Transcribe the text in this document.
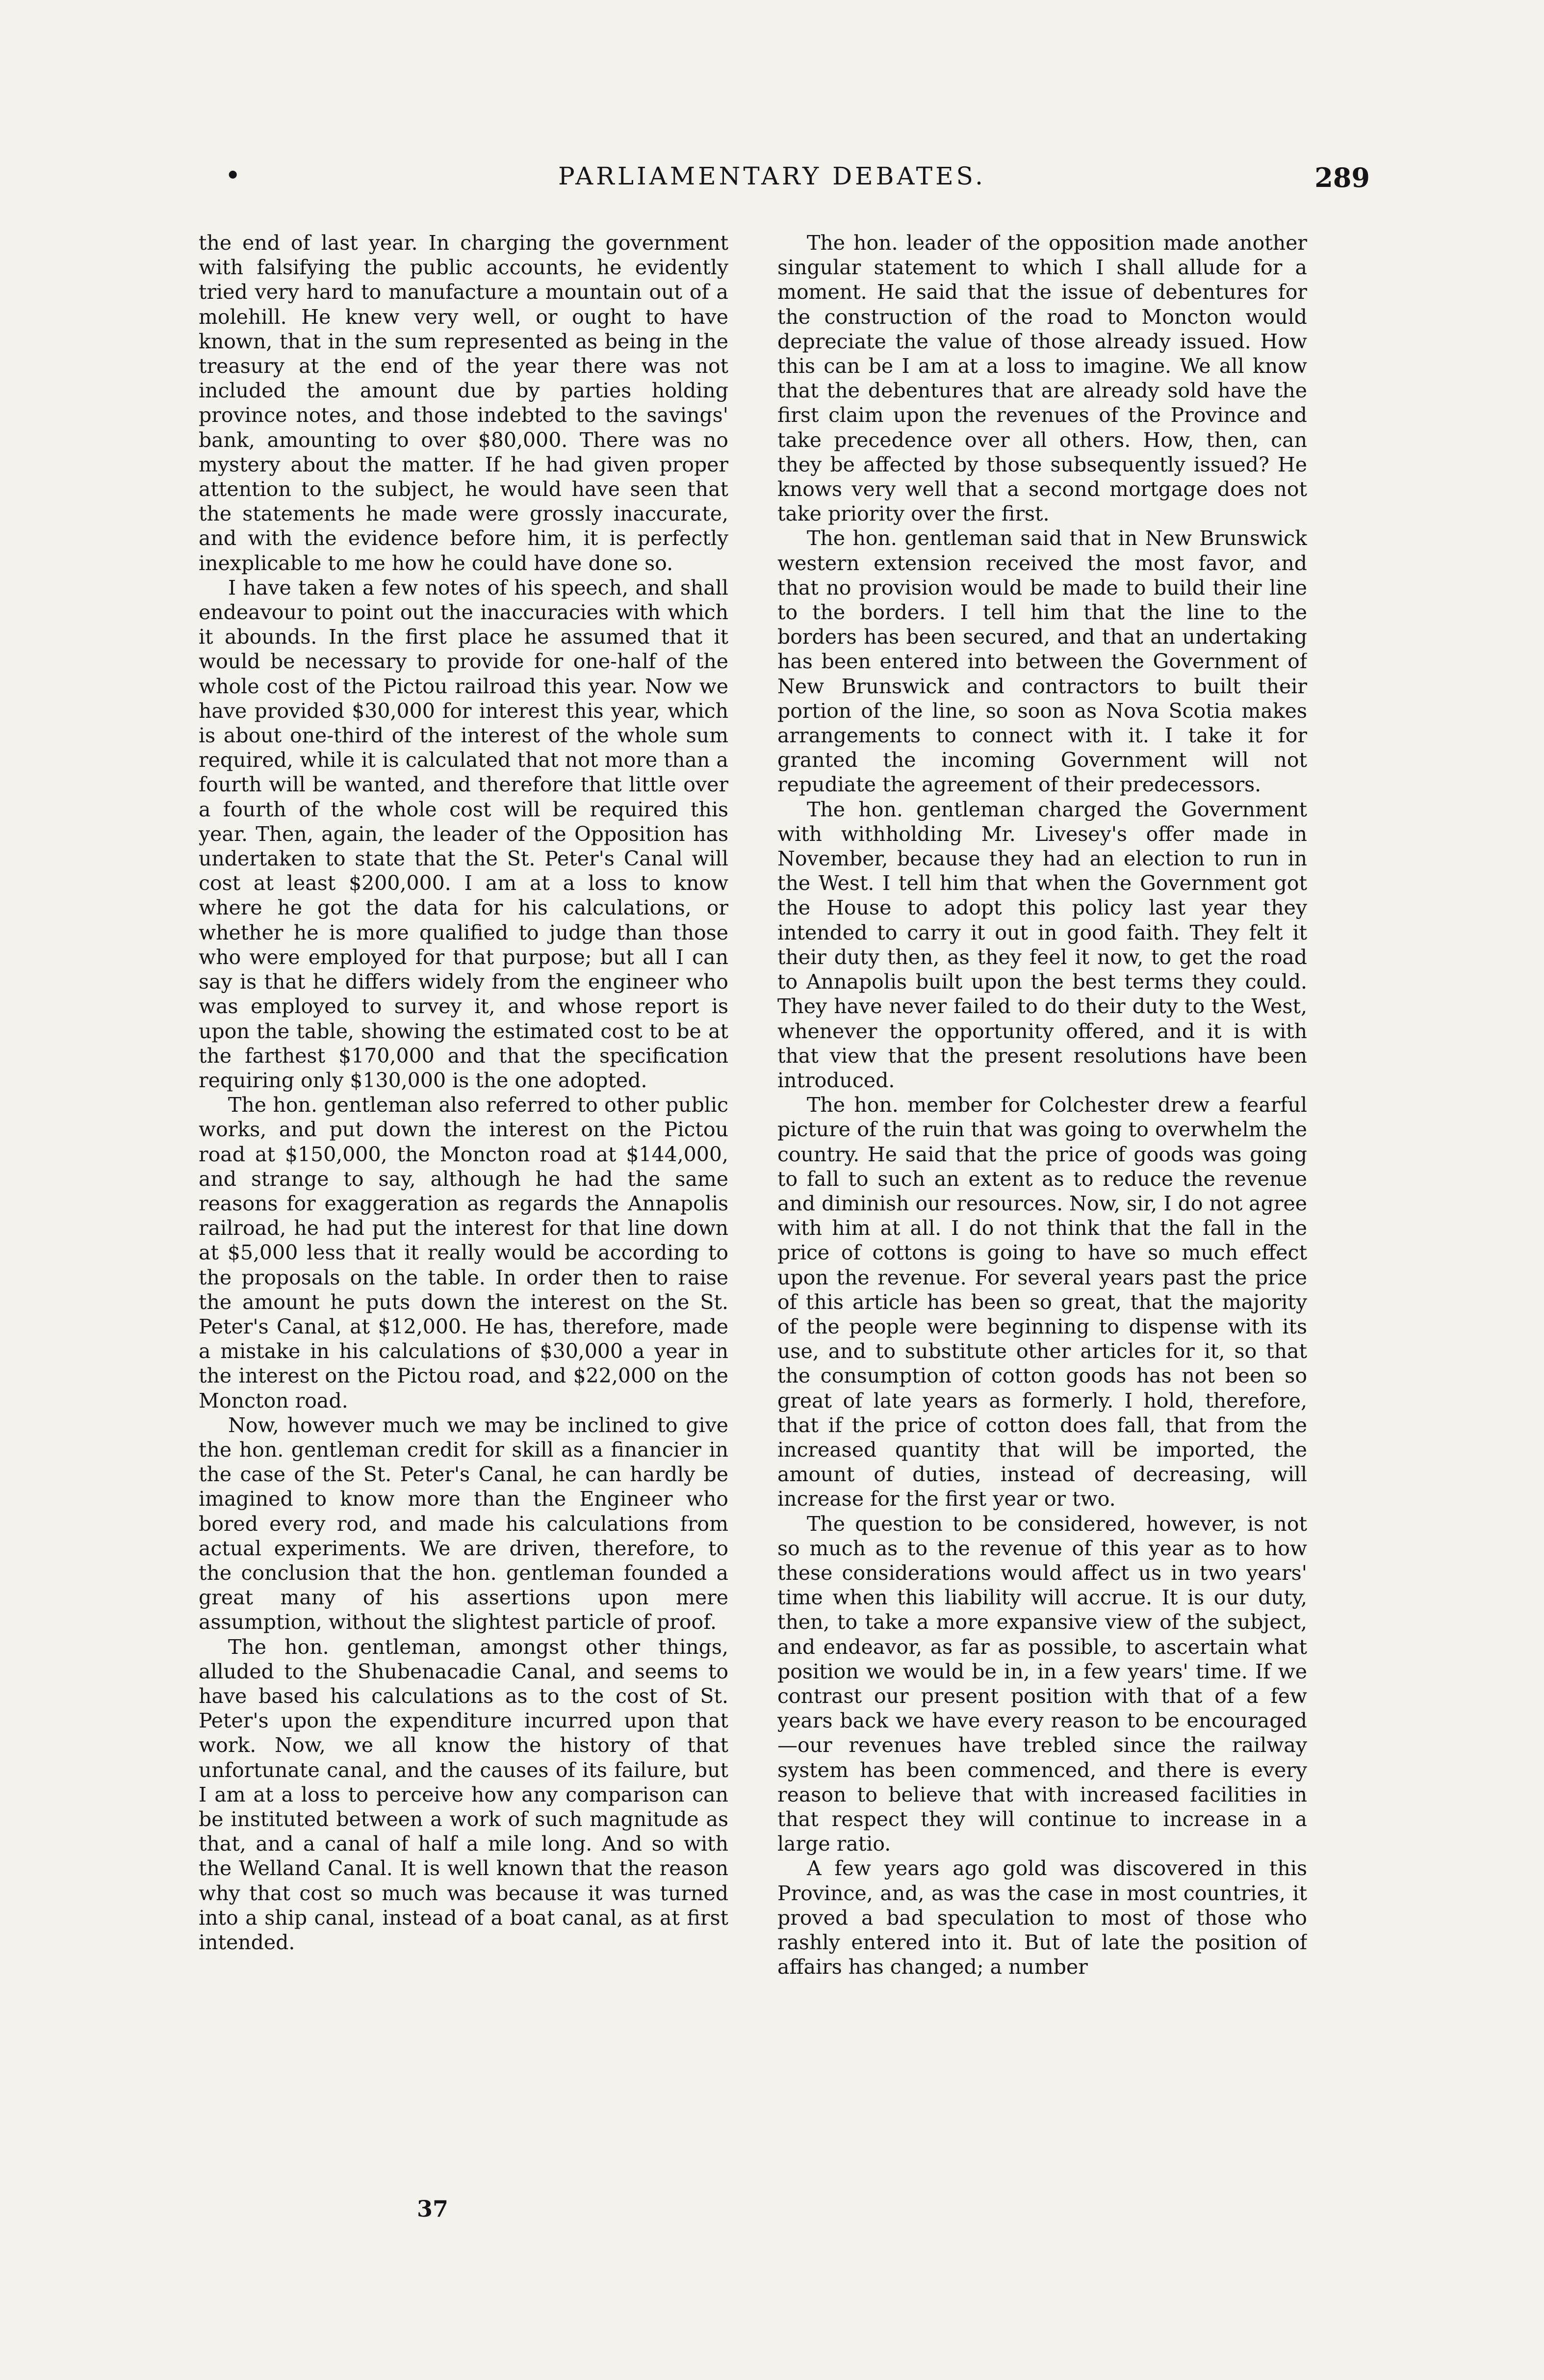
•	PARLIAMENTARY DEBATES.	289

the end of last year. In charging the government with falsifying the public accounts, he evidently tried very hard to manufacture a mountain out of a molehill. He knew very well, or ought to have known, that in the sum represented as being in the treasury at the end of the year there was not included the amount due by parties holding province notes, and those indebted to the savings' bank, amounting to over $80,000. There was no mystery about the matter. If he had given proper attention to the subject, he would have seen that the statements he made were grossly inaccurate, and with the evidence before him, it is perfectly inexplicable to me how he could have done so.

I have taken a few notes of his speech, and shall endeavour to point out the inaccuracies with which it abounds. In the first place he assumed that it would be necessary to provide for one-half of the whole cost of the Pictou railroad this year. Now we have provided $30,000 for interest this year, which is about one-third of the interest of the whole sum required, while it is calculated that not more than a fourth will be wanted, and therefore that little over a fourth of the whole cost will be required this year. Then, again, the leader of the Opposition has undertaken to state that the St. Peter's Canal will cost at least $200,000. I am at a loss to know where he got the data for his calculations, or whether he is more qualified to judge than those who were employed for that purpose; but all I can say is that he differs widely from the engineer who was employed to survey it, and whose report is upon the table, showing the estimated cost to be at the farthest $170,000 and that the specification requiring only $130,000 is the one adopted.

The hon. gentleman also referred to other public works, and put down the interest on the Pictou road at $150,000, the Moncton road at $144,000, and strange to say, although he had the same reasons for exaggeration as regards the Annapolis railroad, he had put the interest for that line down at $5,000 less that it really would be according to the proposals on the table. In order then to raise the amount he puts down the interest on the St. Peter's Canal, at $12,000. He has, therefore, made a mistake in his calculations of $30,000 a year in the interest on the Pictou road, and $22,000 on the Moncton road.

Now, however much we may be inclined to give the hon. gentleman credit for skill as a financier in the case of the St. Peter's Canal, he can hardly be imagined to know more than the Engineer who bored every rod, and made his calculations from actual experiments. We are driven, therefore, to the conclusion that the hon. gentleman founded a great many of his assertions upon mere assumption, without the slightest particle of proof.

The hon. gentleman, amongst other things, alluded to the Shubenacadie Canal, and seems to have based his calculations as to the cost of St. Peter's upon the expenditure incurred upon that work. Now, we all know the history of that unfortunate canal, and the causes of its failure, but I am at a loss to perceive how any comparison can be instituted between a work of such magnitude as that, and a canal of half a mile long. And so with the Welland Canal. It is well known that the reason why that cost so much was because it was turned into a ship canal, instead of a boat canal, as at first intended.

The hon. leader of the opposition made another singular statement to which I shall allude for a moment. He said that the issue of debentures for the construction of the road to Moncton would depreciate the value of those already issued. How this can be I am at a loss to imagine. We all know that the debentures that are already sold have the first claim upon the revenues of the Province and take precedence over all others. How, then, can they be affected by those subsequently issued? He knows very well that a second mortgage does not take priority over the first.

The hon. gentleman said that in New Brunswick western extension received the most favor, and that no provision would be made to build their line to the borders. I tell him that the line to the borders has been secured, and that an undertaking has been entered into between the Government of New Brunswick and contractors to built their portion of the line, so soon as Nova Scotia makes arrangements to connect with it. I take it for granted the incoming Government will not repudiate the agreement of their predecessors.

The hon. gentleman charged the Government with withholding Mr. Livesey's offer made in November, because they had an election to run in the West. I tell him that when the Government got the House to adopt this policy last year they intended to carry it out in good faith. They felt it their duty then, as they feel it now, to get the road to Annapolis built upon the best terms they could. They have never failed to do their duty to the West, whenever the opportunity offered, and it is with that view that the present resolutions have been introduced.

The hon. member for Colchester drew a fearful picture of the ruin that was going to overwhelm the country. He said that the price of goods was going to fall to such an extent as to reduce the revenue and diminish our resources. Now, sir, I do not agree with him at all. I do not think that the fall in the price of cottons is going to have so much effect upon the revenue. For several years past the price of this article has been so great, that the majority of the people were beginning to dispense with its use, and to substitute other articles for it, so that the consumption of cotton goods has not been so great of late years as formerly. I hold, therefore, that if the price of cotton does fall, that from the increased quantity that will be imported, the amount of duties, instead of decreasing, will increase for the first year or two.

The question to be considered, however, is not so much as to the revenue of this year as to how these considerations would affect us in two years' time when this liability will accrue. It is our duty, then, to take a more expansive view of the subject, and endeavor, as far as possible, to ascertain what position we would be in, in a few years' time. If we contrast our present position with that of a few years back we have every reason to be encouraged—our revenues have trebled since the railway system has been commenced, and there is every reason to believe that with increased facilities in that respect they will continue to increase in a large ratio.

A few years ago gold was discovered in this Province, and, as was the case in most countries, it proved a bad speculation to most of those who rashly entered into it. But of late the position of affairs has changed; a number

37
